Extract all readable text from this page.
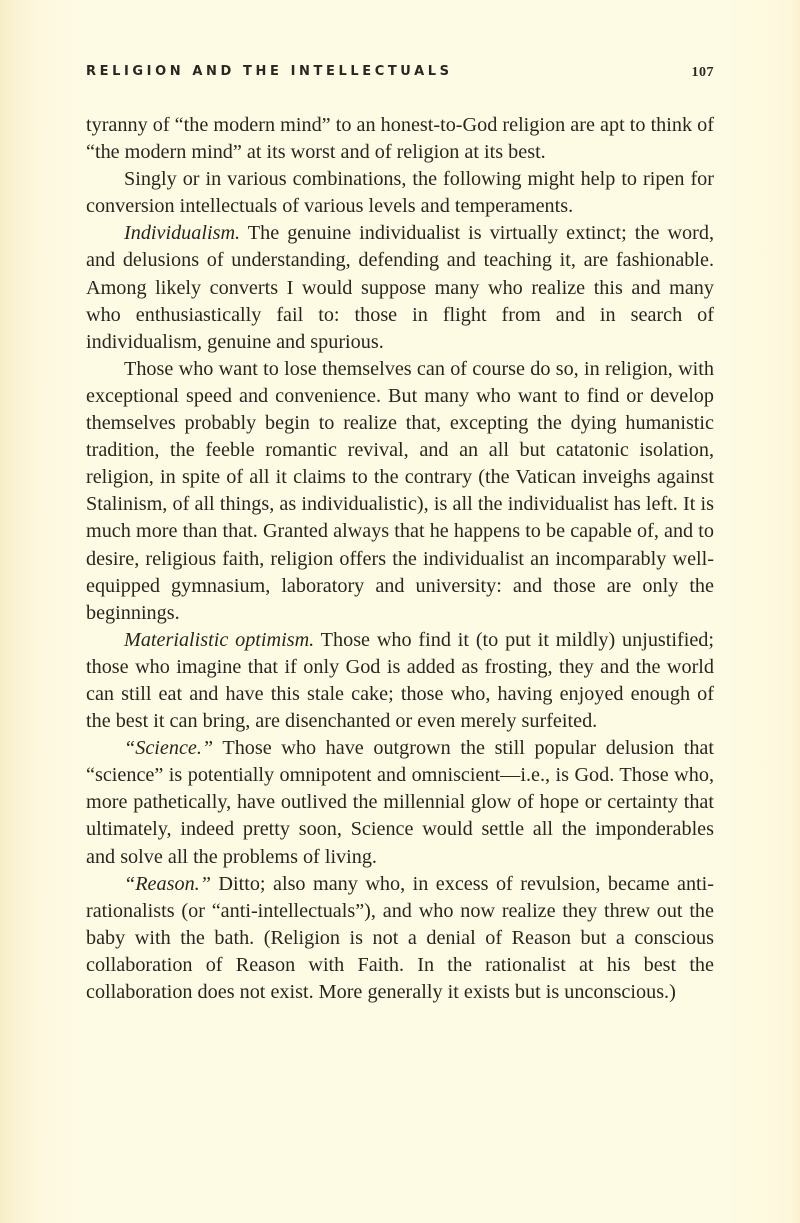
RELIGION AND THE INTELLECTUALS	107

tyranny of “the modern mind” to an honest-to-God religion are apt to think of “the modern mind” at its worst and of religion at its best.

Singly or in various combinations, the following might help to ripen for conversion intellectuals of various levels and temperaments.

Individualism. The genuine individualist is virtually extinct; the word, and delusions of understanding, defending and teaching it, are fashionable. Among likely converts I would suppose many who realize this and many who enthusiastically fail to: those in flight from and in search of individualism, genuine and spurious.

Those who want to lose themselves can of course do so, in religion, with exceptional speed and convenience. But many who want to find or develop themselves probably begin to realize that, excepting the dying humanistic tradition, the feeble romantic revival, and an all but catatonic isolation, religion, in spite of all it claims to the contrary (the Vatican inveighs against Stalinism, of all things, as individualistic), is all the individualist has left. It is much more than that. Granted always that he happens to be capable of, and to desire, religious faith, religion offers the individualist an incomparably well-equipped gymnasium, laboratory and university: and those are only the beginnings.

Materialistic optimism. Those who find it (to put it mildly) unjustified; those who imagine that if only God is added as frosting, they and the world can still eat and have this stale cake; those who, having enjoyed enough of the best it can bring, are disenchanted or even merely surfeited.

“Science.” Those who have outgrown the still popular delusion that “science” is potentially omnipotent and omniscient—i.e., is God. Those who, more pathetically, have outlived the millennial glow of hope or certainty that ultimately, indeed pretty soon, Science would settle all the imponderables and solve all the problems of living.

“Reason.” Ditto; also many who, in excess of revulsion, became anti-rationalists (or “anti-intellectuals”), and who now realize they threw out the baby with the bath. (Religion is not a denial of Reason but a conscious collaboration of Reason with Faith. In the rationalist at his best the collaboration does not exist. More generally it exists but is unconscious.)
